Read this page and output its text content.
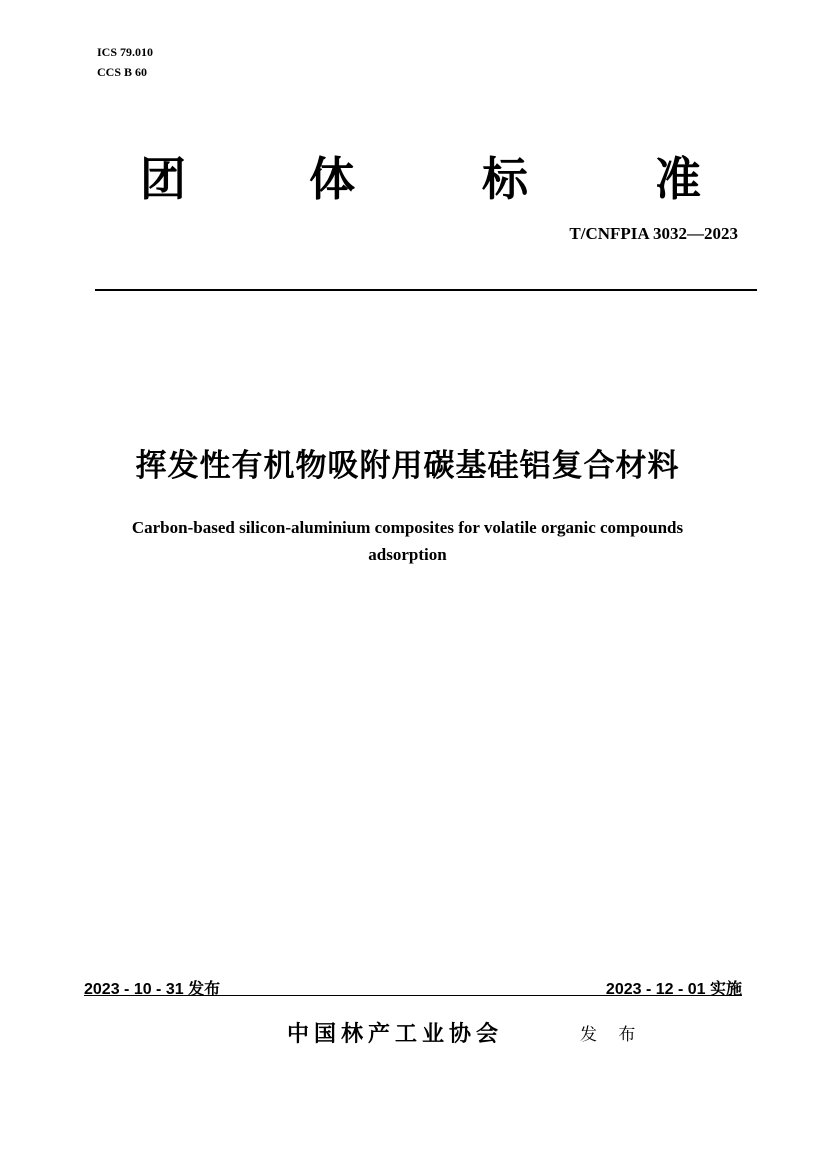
ICS 79.010
CCS B 60
团	体	标	准
T/CNFPIA 3032—2023
挥发性有机物吸附用碳基硅铝复合材料
Carbon-based silicon-aluminium composites for volatile organic compounds
adsorption
2023 - 10 - 31 发布	2023 - 12 - 01 实施
中国林产工业协会	发 布
